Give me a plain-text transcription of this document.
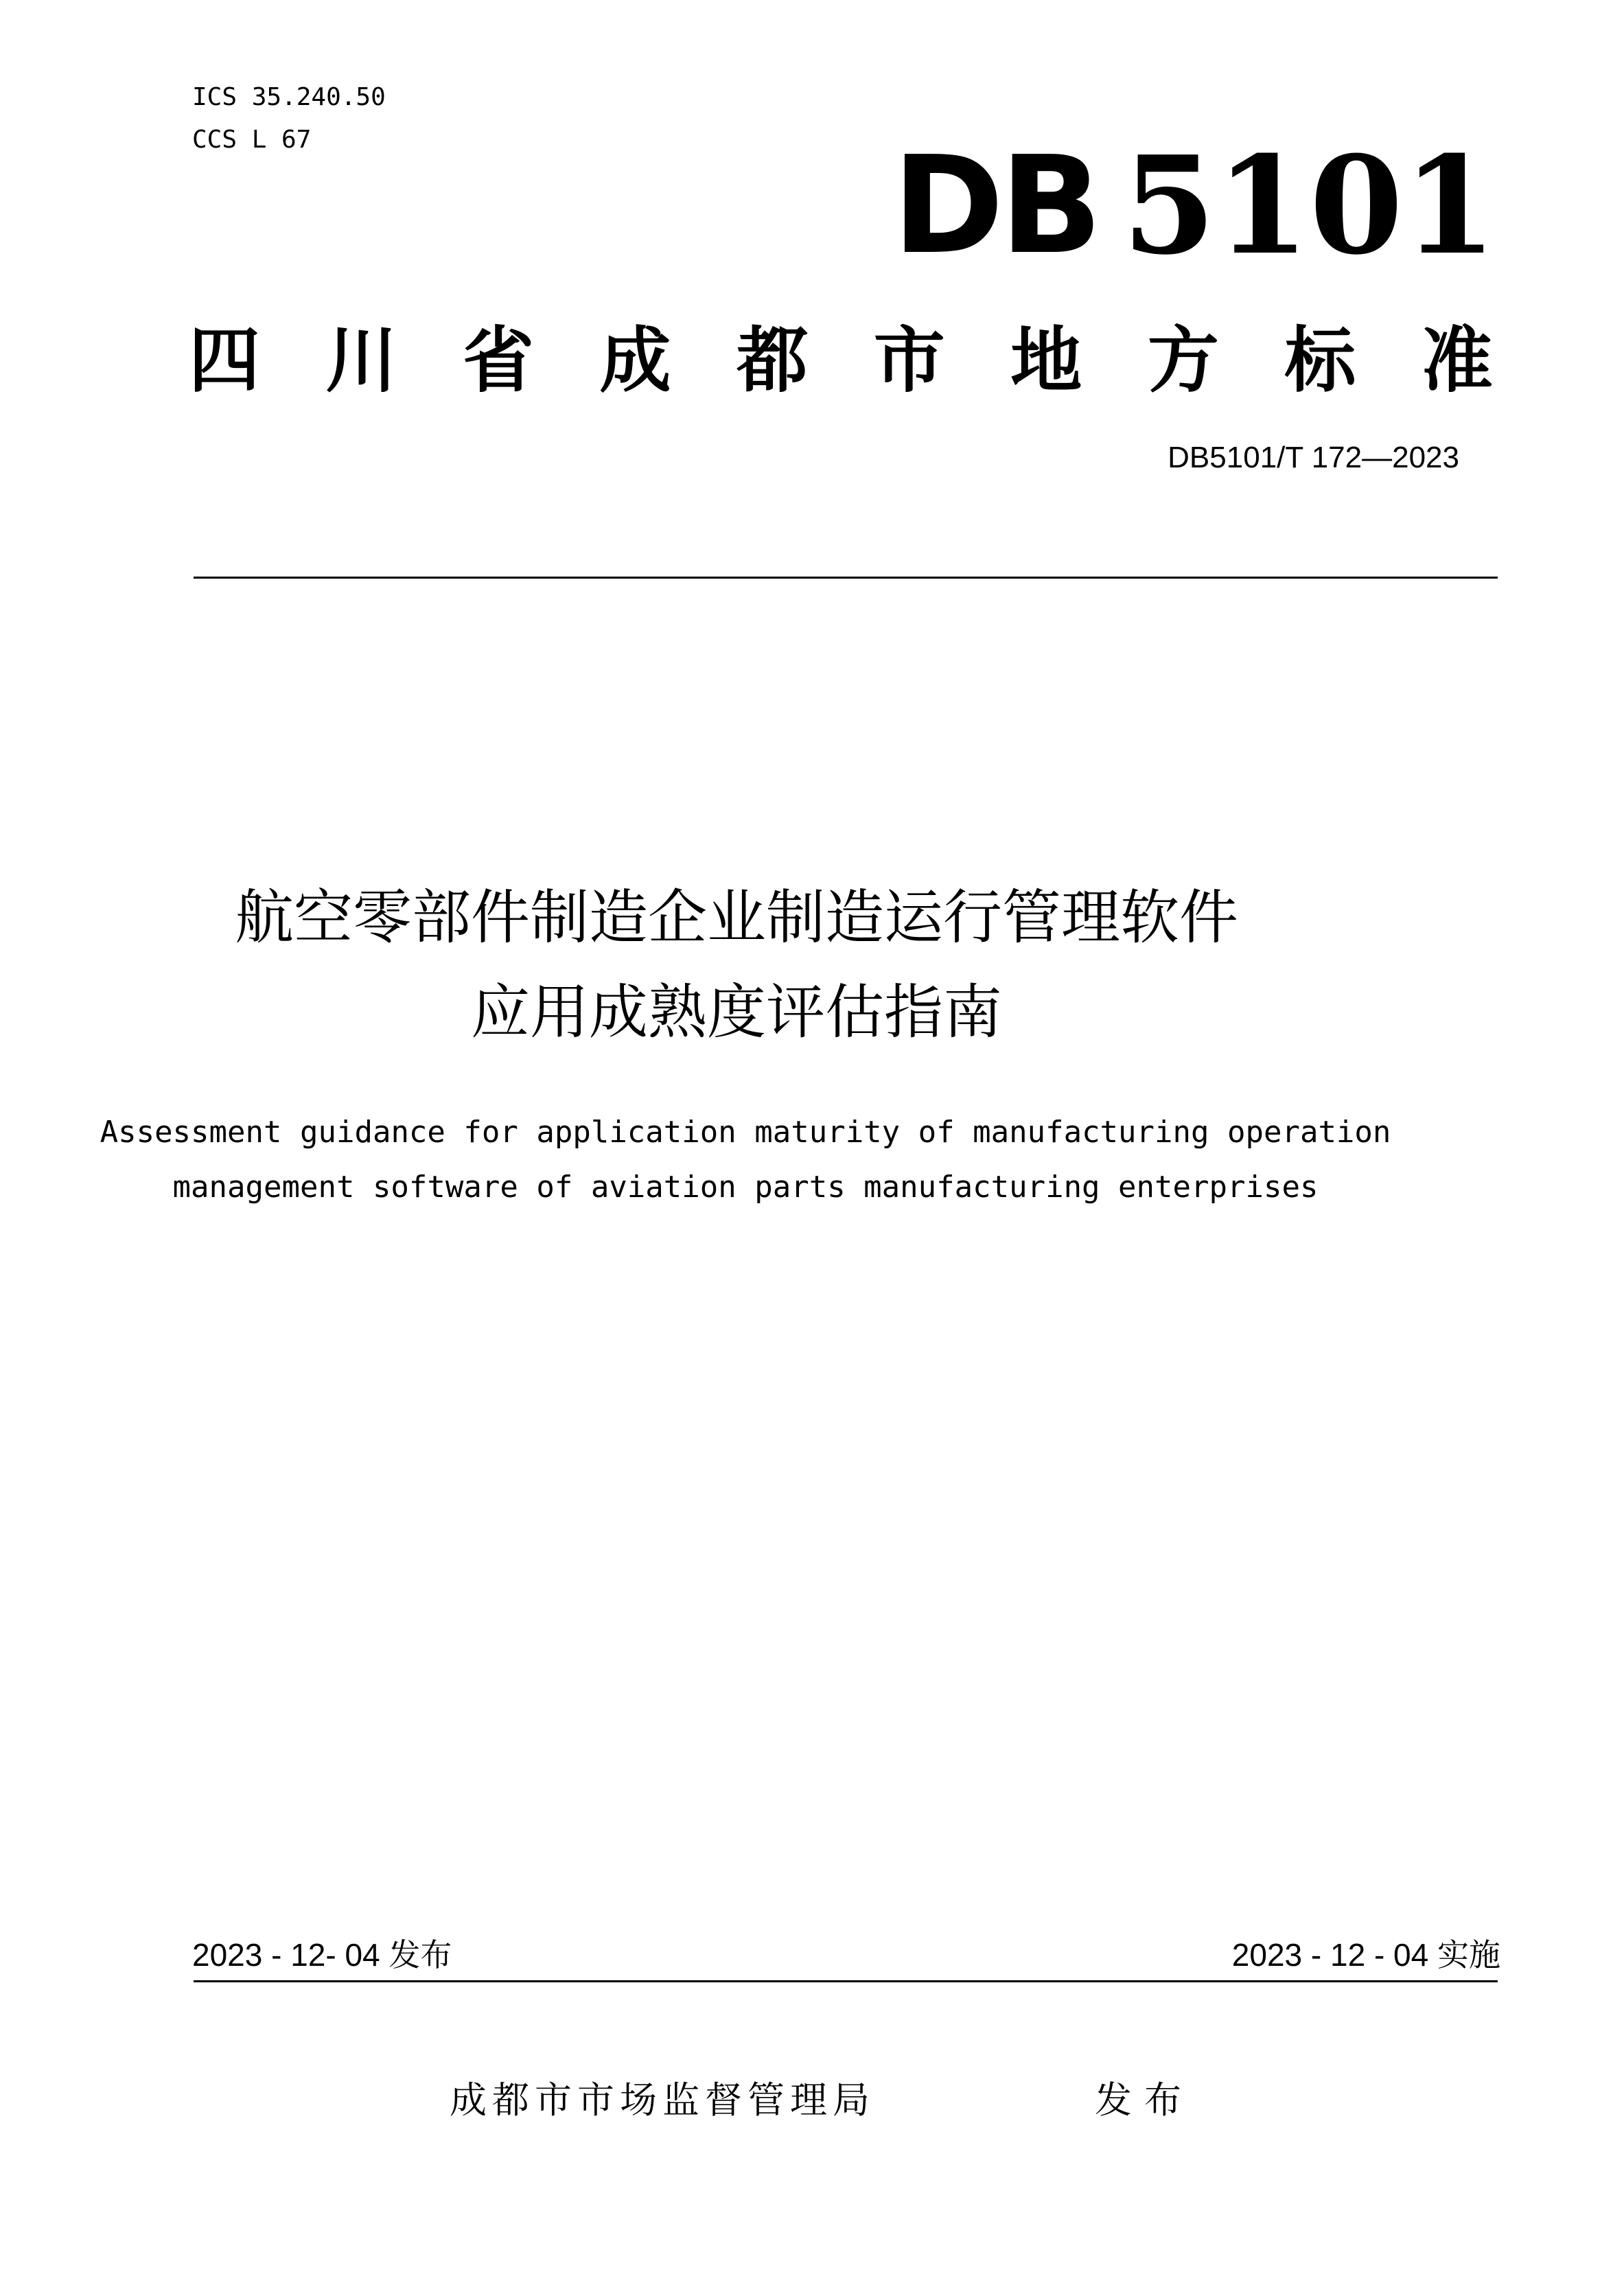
ICS 35.240.50
CCS L 67	DB 5101
四 川 省 成 都 市 地 方 标 准
DB5101/T 172—2023
航空零部件制造企业制造运行管理软件
应用成熟度评估指南
Assessment guidance for application maturity of manufacturing operation
management software of aviation parts manufacturing enterprises
2023 - 12- 04 发布	2023 - 12 - 04 实施
成都市市场监督管理局	发布
